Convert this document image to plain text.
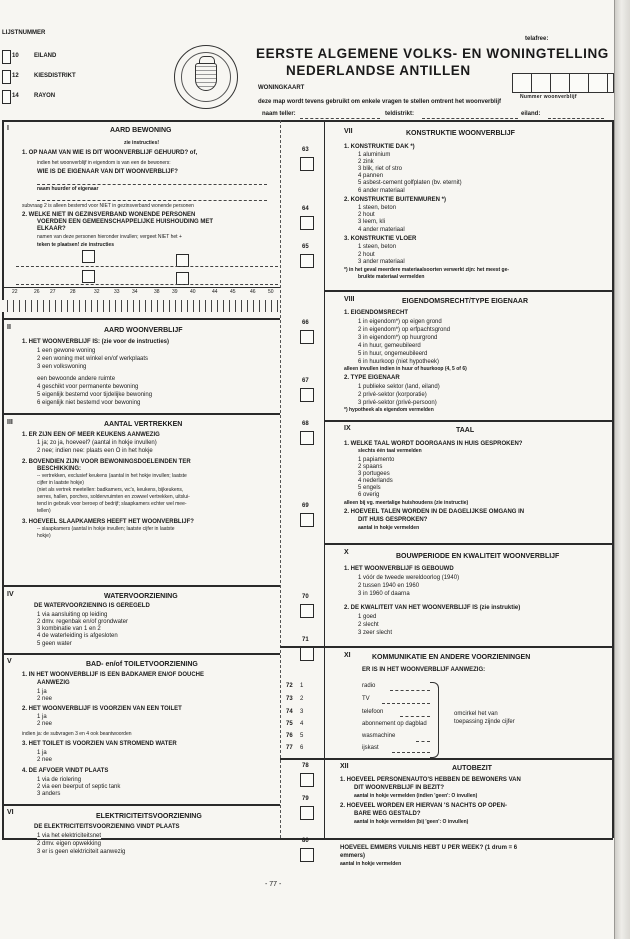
LIJSTNUMMER
10	EILAND
12	KIESDISTRIKT
14	RAYON
telafree:
EERSTE ALGEMENE VOLKS- EN WONINGTELLING
NEDERLANDSE ANTILLEN
Nummer woonverblijf
WONINGKAART
deze map wordt tevens gebruikt om enkele vragen te stellen omtrent het woonverblijf
naam teller:	teldistrikt:	eiland:
I	AARD BEWONING
zie instructies!
1. OP NAAM VAN WIE IS DIT WOONVERBLIJF GEHUURD? of,
indien het woonverblijf in eigendom is van een de bewoners:
WIE IS DE EIGENAAR VAN DIT WOONVERBLIJF?
naam huurder of eigenaar
subvraag 2 is alleen bestemd voor NIET in gezinsverband wonende personen
2. WELKE NIET IN GEZINSVERBAND WONENDE PERSONEN
VOERDEN EEN GEMEENSCHAPPELIJKE HUISHOUDING MET
ELKAAR?
namen van deze personen hieronder invullen; vergeet NIET het +
teken te plaatsen! zie instructies
22	26 27	28	32	33 34	38 39 40	44 45	46 50
II	AARD WOONVERBLIJF
1. HET WOONVERBLIJF IS: (zie voor de instructies)
1 een gewone woning
2 een woning met winkel en/of werkplaats
3 een volkswoning
een bewoonde andere ruimte
4 geschikt voor permanente bewoning
5 eigenlijk bestemd voor tijdelijke bewoning
6 eigenlijk niet bestemd voor bewoning
III	AANTAL VERTREKKEN
1. ER ZIJN EEN OF MEER KEUKENS AANWEZIG
1 ja; zo ja, hoeveel? (aantal in hokje invullen)
2 nee; indien nee: plaats een O in het hokje
2. BOVENDIEN ZIJN VOOR BEWONINGSDOELEINDEN TER
BESCHIKKING:
-- vertrekken, exclusief keukens (aantal in het hokje invullen; laatste
cijfer in laatste hokje)
(niet als vertrek meetellen: badkamers, wc's, keukens, bijkeukens,
serres, hallen, porches, soldervruimten en zowwel vertrekken, uitslui-
tend in gebruik voor beroep of bedrijf; slaapkamers echter wel mee-
tellen)
3. HOEVEEL SLAAPKAMERS HEEFT HET WOONVERBLIJF?
-- slaapkamers (aantal in hokje invullen; laatste cijfer in laatste
hokje)
IV	WATERVOORZIENING
DE WATERVOORZIENING IS GEREGELD
1 via aansluiting op leiding
2 dmv. regenbak en/of grondwater
3 kombinatie van 1 en 2
4 de waterleiding is afgesloten
5 geen water
V	BAD- en/of TOILETVOORZIENING
1. IN HET WOONVERBLIJF IS EEN BADKAMER EN/OF DOUCHE
AANWEZIG
1 ja
2 nee
2. HET WOONVERBLIJF IS VOORZIEN VAN EEN TOILET
1 ja
2 nee
indien ja: de subvragen 3 en 4 ook beantwoorden
3. HET TOILET IS VOORZIEN VAN STROMEND WATER
1 ja
2 nee
4. DE AFVOER VINDT PLAATS
1 via de riolering
2 via een beerput of septic tank
3 anders
VI
ELEKTRICITEITSVOORZIENING
DE ELEKTRICITEITSVOORZIENING VINDT PLAATS
1 via het elektriciteitsnet
2 dmv. eigen opwekking
3 er is geen elektriciteit aanwezig
63
64
65
66
67
68
69
70
71
72 1
73 2
74 3
75 4
76 5
77 6
78
79
80
VII	KONSTRUKTIE WOONVERBLIJF
1. KONSTRUKTIE DAK *)
1 aluminium
2 zink
3 blik, riet of stro
4 pannen
5 asbest-cement golfplaten (bv. eternit)
6 ander materiaal
2. KONSTRUKTIE BUITENMUREN *)
1 steen, beton
2 hout
3 leem, kli
4 ander materiaal
3. KONSTRUKTIE VLOER
1 steen, beton
2 hout
3 ander materiaal
*) in het geval meerdere materiaalsoorten verwerkt zijn: het meest ge-
bruikte materiaal vermelden
VIII	EIGENDOMSRECHT/TYPE EIGENAAR
1. EIGENDOMSRECHT
1 in eigendom*) op eigen grond
2 in eigendom*) op erfpachtsgrond
3 in eigendom*) op huurgrond
4 in huur, gemeubileerd
5 in huur, ongemeubileerd
6 in huurkoop (niet hypotheek)
alleen invullen indien in huur of huurkoop (4, 5 of 6)
2. TYPE EIGENAAR
1 publieke sektor (land, eiland)
2 privé-sektor (korporatie)
3 privé-sektor (privé-persoon)
*) hypotheek als eigendom vermelden
IX	TAAL
1. WELKE TAAL WORDT DOORGAANS IN HUIS GESPROKEN?
slechts één taal vermelden
1 papiamento
2 spaans
3 portugees
4 nederlands
5 engels
6 overig
alleen bij vg. meertalige huishoudens (zie instructie)
2. HOEVEEL TALEN WORDEN IN DE DAGELIJKSE OMGANG IN
DIT HUIS GESPROKEN?
aantal in hokje vermelden
X
BOUWPERIODE EN KWALITEIT WOONVERBLIJF
1. HET WOONVERBLIJF IS GEBOUWD
1 vóór de tweede wereldoorlog (1940)
2 tussen 1940 en 1960
3 in 1960 of daarna
2. DE KWALITEIT VAN HET WOONVERBLIJF IS (zie instruktie)
1 goed
2 slecht
3 zeer slecht
XI	KOMMUNIKATIE EN ANDERE VOORZIENINGEN
ER IS IN HET WOONVERBLIJF AANWEZIG:
radio
TV
telefoon
abonnement op dagblad
wasmachine
ijskast
omcirkel het van
toepassing zijnde cijfer
XII	AUTOBEZIT
1. HOEVEEL PERSONENAUTO'S HEBBEN DE BEWONERS VAN
DIT WOONVERBLIJF IN BEZIT?
aantal in hokje vermelden (indien 'geen': O invullen)
2. HOEVEEL WORDEN ER HIERVAN 'S NACHTS OP OPEN-
BARE WEG GESTALD?
aantal in hokje vermelden (bij 'geen': O invullen)
HOEVEEL EMMERS VUILNIS HEBT U PER WEEK? (1 drum = 6
emmers)
aantal in hokje vermelden
- 77 -
